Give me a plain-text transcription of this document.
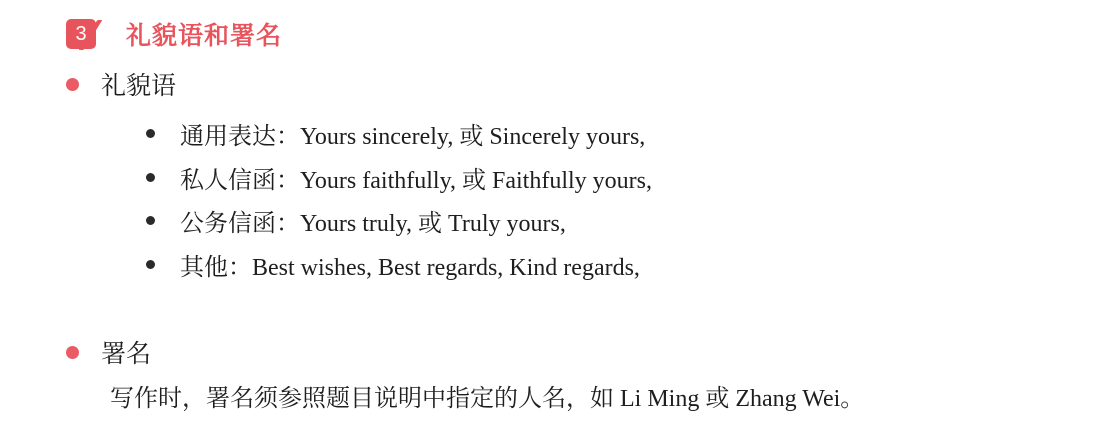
3	礼貌语和署名
礼貌语
通用表达：Yours sincerely, 或 Sincerely yours,
私人信函：Yours faithfully, 或 Faithfully yours,
公务信函：Yours truly, 或 Truly yours,
其他：Best wishes, Best regards, Kind regards,
署名
写作时，署名须参照题目说明中指定的人名，如 Li Ming 或 Zhang Wei。
